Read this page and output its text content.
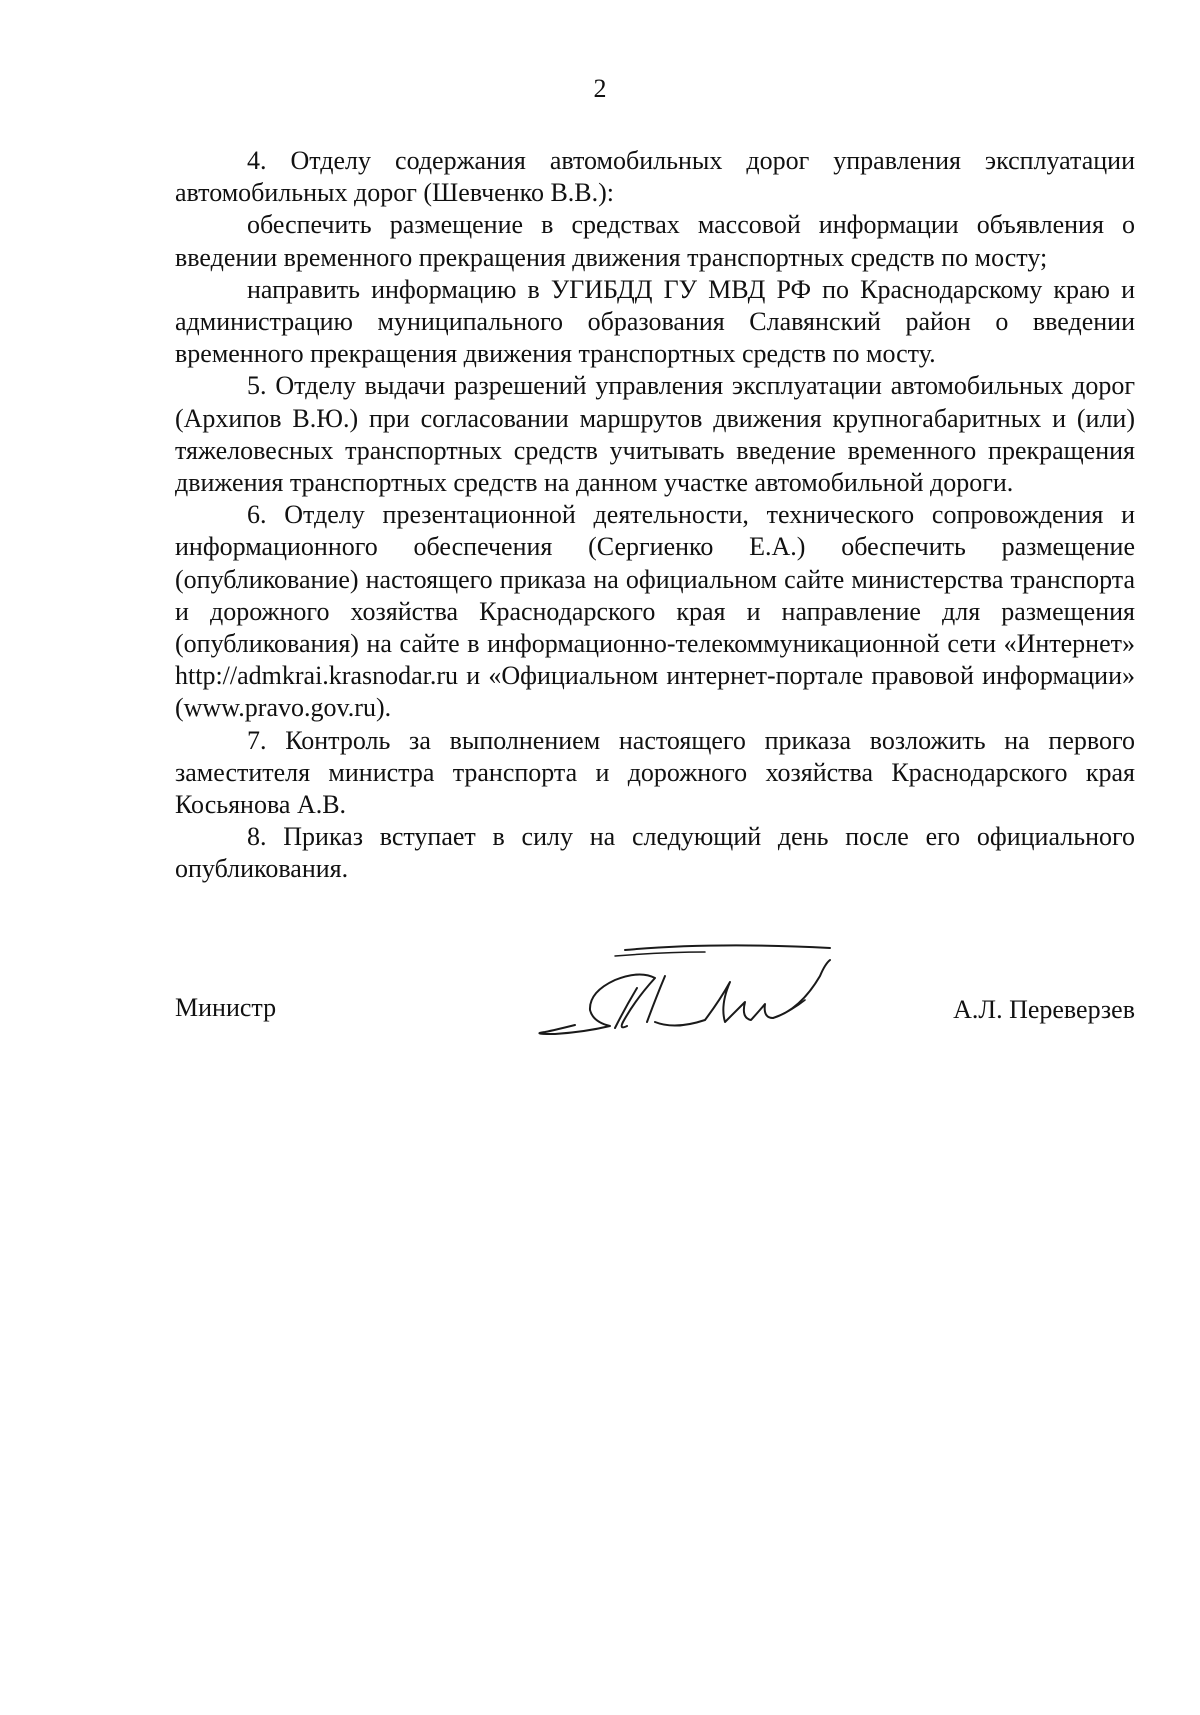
2

4. Отделу содержания автомобильных дорог управления эксплуатации автомобильных дорог (Шевченко В.В.):

обеспечить размещение в средствах массовой информации объявления о введении временного прекращения движения транспортных средств по мосту;

направить информацию в УГИБДД ГУ МВД РФ по Краснодарскому краю и администрацию муниципального образования Славянский район о введении временного прекращения движения транспортных средств по мосту.

5. Отделу выдачи разрешений управления эксплуатации автомобильных дорог (Архипов В.Ю.) при согласовании маршрутов движения крупногабаритных и (или) тяжеловесных транспортных средств учитывать введение временного прекращения движения транспортных средств на данном участке автомобильной дороги.

6. Отделу презентационной деятельности, технического сопровождения и информационного обеспечения (Сергиенко Е.А.) обеспечить размещение (опубликование) настоящего приказа на официальном сайте министерства транспорта и дорожного хозяйства Краснодарского края и направление для размещения (опубликования) на сайте в информационно-телекоммуникационной сети «Интернет» http://admkrai.krasnodar.ru и «Официальном интернет-портале правовой информации» (www.pravo.gov.ru).

7. Контроль за выполнением настоящего приказа возложить на первого заместителя министра транспорта и дорожного хозяйства Краснодарского края Косьянова А.В.

8. Приказ вступает в силу на следующий день после его официального опубликования.

Министр	А.Л. Переверзев
